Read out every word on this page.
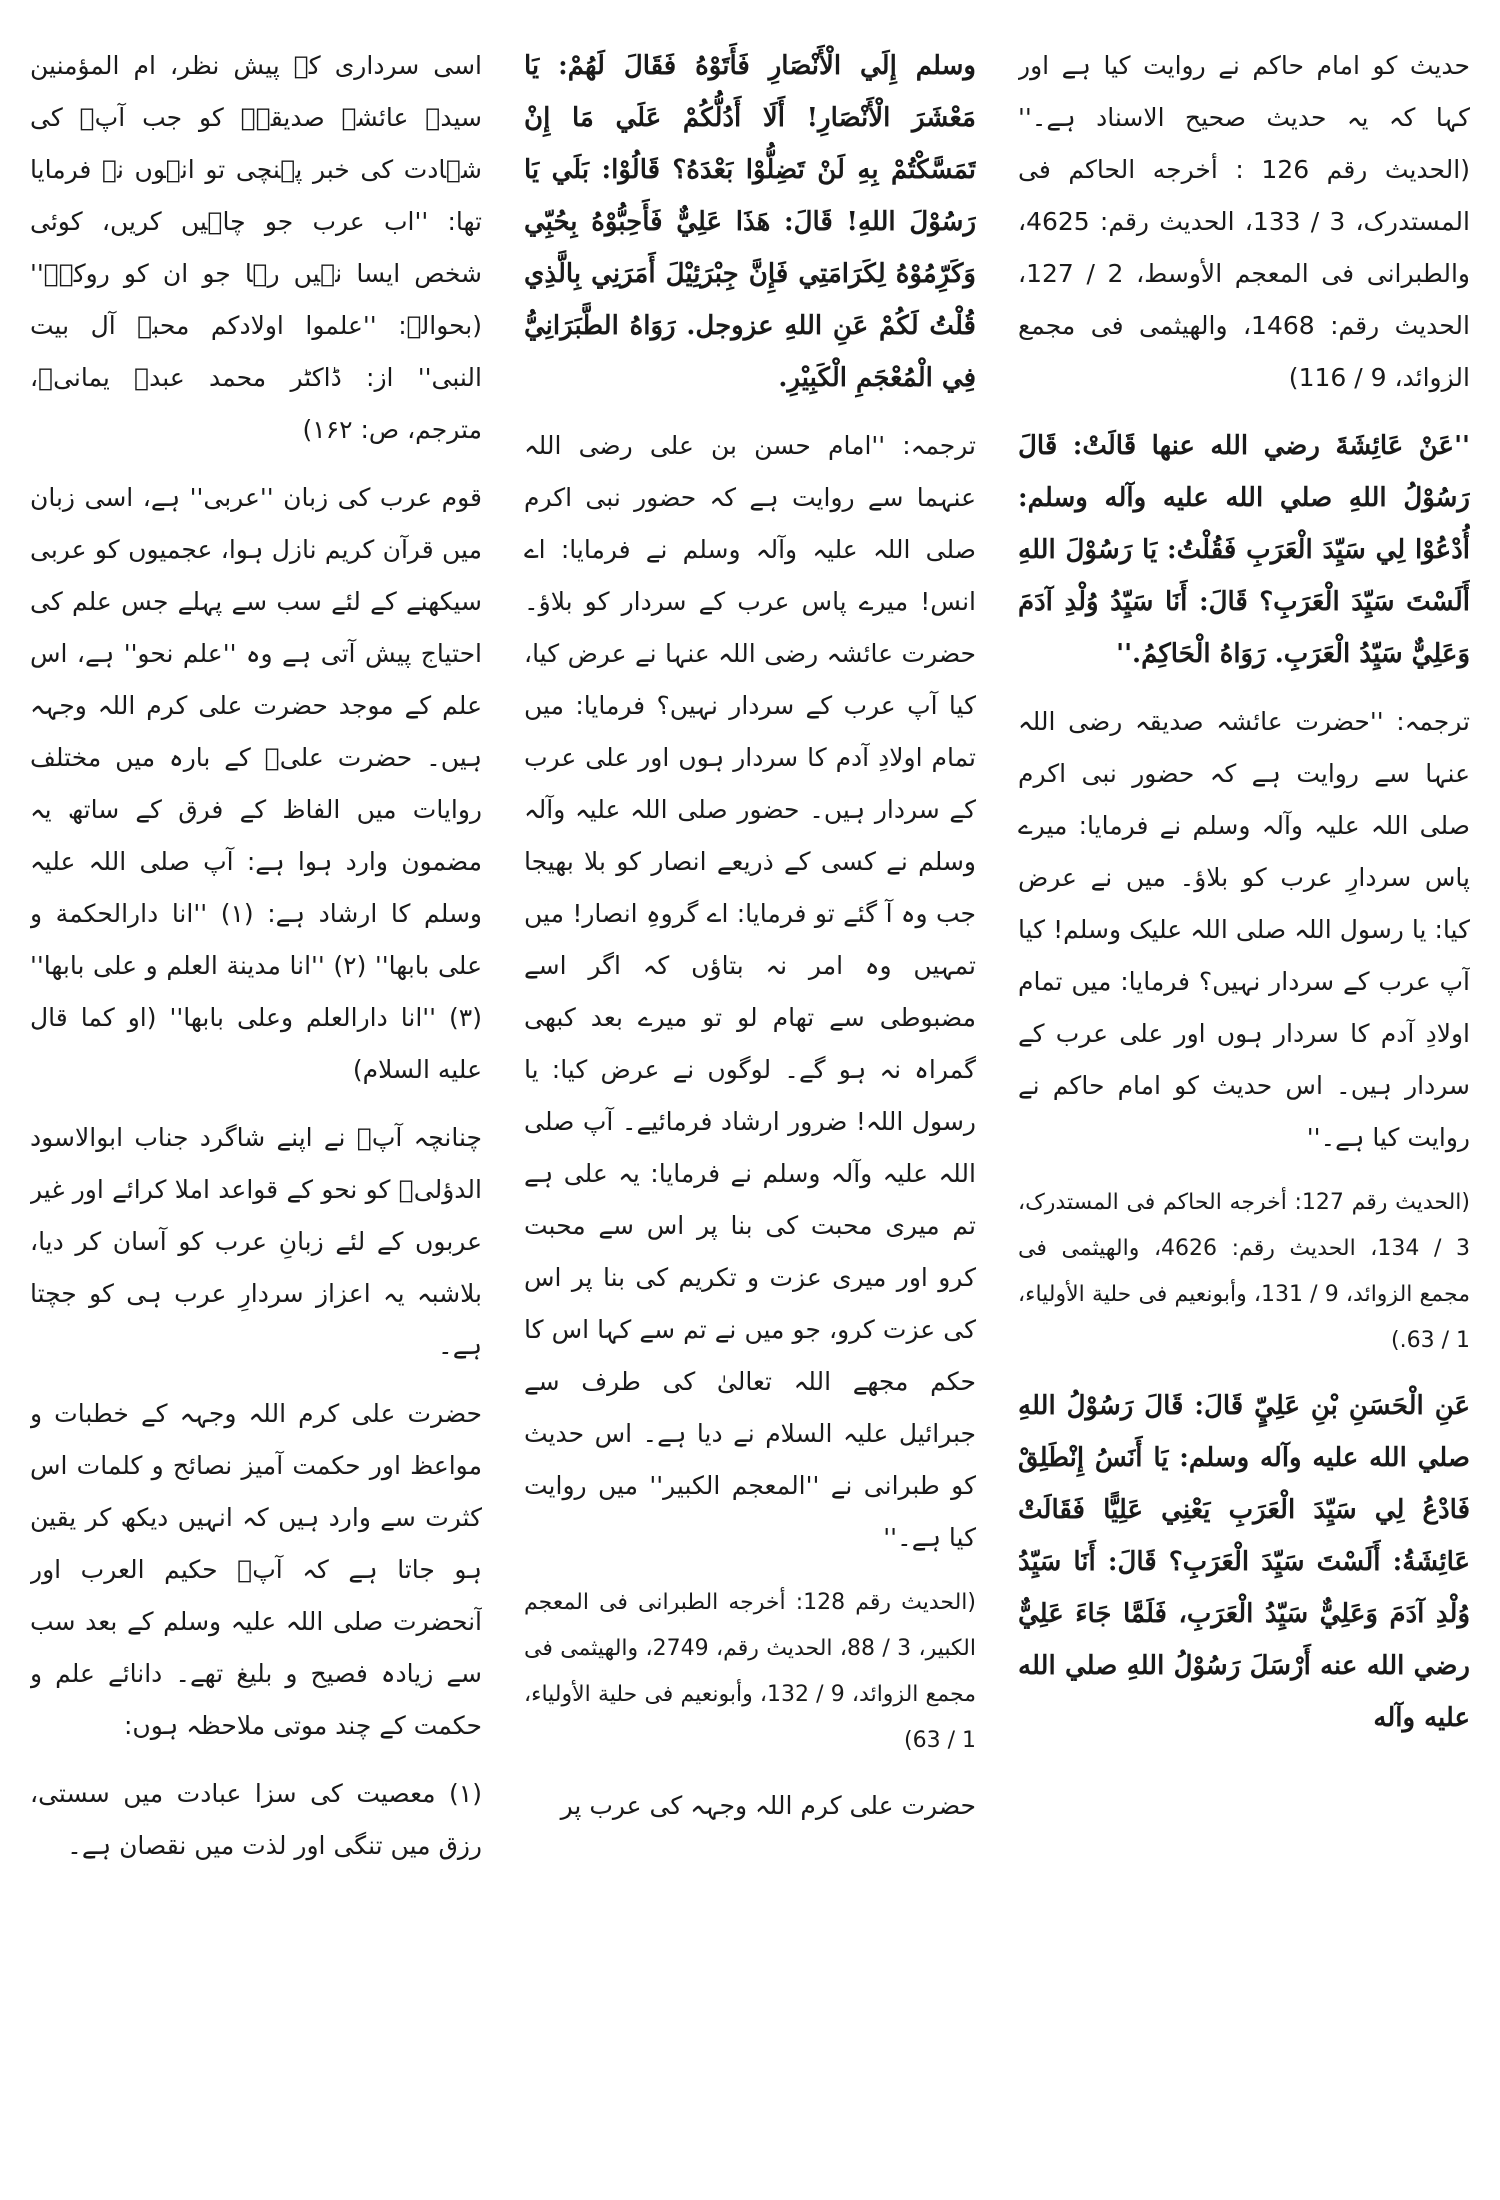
حدیث کو امام حاکم نے روایت کیا ہے اور کہا کہ یہ حدیث صحیح الاسناد ہے۔'' (الحدیث رقم 126 : أخرجه الحاكم فی المستدرک، 3 / 133، الحدیث رقم: 4625، والطبرانی فی المعجم الأوسط، 2 / 127، الحدیث رقم: 1468، والهيثمی فی مجمع الزوائد، 9 / 116)

''عَنْ عَائِشَةَ رضي الله عنها قَالَتْ: قَالَ رَسُوْلُ اللهِ صلي الله عليه وآله وسلم: أُدْعُوْا لِي سَيِّدَ الْعَرَبِ فَقُلْتُ: يَا رَسُوْلَ اللهِ أَلَسْتَ سَيِّدَ الْعَرَبِ؟ قَالَ: أَنَا سَيِّدُ وُلْدِ آدَمَ وَعَلِيٌّ سَيِّدُ الْعَرَبِ. رَوَاهُ الْحَاكِمُ.''

ترجمہ: ''حضرت عائشہ صدیقہ رضی اللہ عنہا سے روایت ہے کہ حضور نبی اکرم صلی اللہ علیہ وآلہ وسلم نے فرمایا: میرے پاس سردارِ عرب کو بلاؤ۔ میں نے عرض کیا: یا رسول اللہ صلی اللہ علیک وسلم! کیا آپ عرب کے سردار نہیں؟ فرمایا: میں تمام اولادِ آدم کا سردار ہوں اور علی عرب کے سردار ہیں۔ اس حدیث کو امام حاکم نے روایت کیا ہے۔''

(الحدیث رقم 127: أخرجه الحاكم فی المستدرک، 3 / 134، الحدیث رقم: 4626، والهيثمی فی مجمع الزوائد، 9 / 131، وأبونعيم فی حلية الأولياء، 1 / 63.)

عَنِ الْحَسَنِ بْنِ عَلِيٍّ قَالَ: قَالَ رَسُوْلُ اللهِ صلي الله عليه وآله وسلم: يَا أَنَسُ إِنْطَلِقْ فَادْعُ لِي سَيِّدَ الْعَرَبِ يَعْنِي عَلِيًّا فَقَالَتْ عَائِشَةُ: أَلَسْتَ سَيِّدَ الْعَرَبِ؟ قَالَ: أَنَا سَيِّدُ وُلْدِ آدَمَ وَعَلِيٌّ سَيِّدُ الْعَرَبِ، فَلَمَّا جَاءَ عَلِيٌّ رضي الله عنه أَرْسَلَ رَسُوْلُ اللهِ صلي الله عليه وآله

وسلم إِلَي الْأَنْصَارِ فَأَتَوْهُ فَقَالَ لَهُمْ: يَا مَعْشَرَ الْأَنْصَارِ! أَلَا أَدُلُّكُمْ عَلَي مَا إِنْ تَمَسَّكْتُمْ بِهِ لَنْ تَضِلُّوْا بَعْدَهُ؟ قَالُوْا: بَلَي يَا رَسُوْلَ اللهِ! قَالَ: هَذَا عَلِيٌّ فَأَحِبُّوْهُ بِحُبِّي وَكَرِّمُوْهُ لِكَرَامَتِي فَإِنَّ جِبْرَئِيْلَ أَمَرَنِي بِالَّذِي قُلْتُ لَكُمْ عَنِ اللهِ عزوجل. رَوَاهُ الطَّبَرَانِيُّ فِي الْمُعْجَمِ الْكَبِيْرِ.

ترجمہ: ''امام حسن بن علی رضی اللہ عنہما سے روایت ہے کہ حضور نبی اکرم صلی اللہ علیہ وآلہ وسلم نے فرمایا: اے انس! میرے پاس عرب کے سردار کو بلاؤ۔ حضرت عائشہ رضی اللہ عنہا نے عرض کیا، کیا آپ عرب کے سردار نہیں؟ فرمایا: میں تمام اولادِ آدم کا سردار ہوں اور علی عرب کے سردار ہیں۔ حضور صلی اللہ علیہ وآلہ وسلم نے کسی کے ذریعے انصار کو بلا بھیجا جب وہ آ گئے تو فرمایا: اے گروہِ انصار! میں تمہیں وہ امر نہ بتاؤں کہ اگر اسے مضبوطی سے تھام لو تو میرے بعد کبھی گمراہ نہ ہو گے۔ لوگوں نے عرض کیا: یا رسول اللہ! ضرور ارشاد فرمائیے۔ آپ صلی اللہ علیہ وآلہ وسلم نے فرمایا: یہ علی ہے تم میری محبت کی بنا پر اس سے محبت کرو اور میری عزت و تکریم کی بنا پر اس کی عزت کرو، جو میں نے تم سے کہا اس کا حکم مجھے اللہ تعالیٰ کی طرف سے جبرائیل علیہ السلام نے دیا ہے۔ اس حدیث کو طبرانی نے ''المعجم الکبیر'' میں روایت کیا ہے۔''

(الحدیث رقم 128: أخرجه الطبرانی فی المعجم الكبير، 3 / 88، الحدیث رقم، 2749، والهيثمی فی مجمع الزوائد، 9 / 132، وأبونعيم فی حلية الأولياء، 1 / 63)

حضرت علی کرم اللہ وجہہ کی عرب پر

اسی سرداری کے پیش نظر، ام المؤمنین سیدہ عائشہ صدیقہؓ کو جب آپؓ کی شہادت کی خبر پہنچی تو انہوں نے فرمایا تھا: ''اب عرب جو چاہیں کریں، کوئی شخص ایسا نہیں رہا جو ان کو روکے۔'' (بحوالہ: ''علموا اولادکم محبۃ آل بیت النبی'' از: ڈاکٹر محمد عبدہ یمانیؒ، مترجم، ص: ۱۶۲)

قوم عرب کی زبان ''عربی'' ہے، اسی زبان میں قرآن کریم نازل ہوا، عجمیوں کو عربی سیکھنے کے لئے سب سے پہلے جس علم کی احتیاج پیش آتی ہے وہ ''علم نحو'' ہے، اس علم کے موجد حضرت علی کرم اللہ وجہہ ہیں۔ حضرت علیؓ کے بارہ میں مختلف روایات میں الفاظ کے فرق کے ساتھ یہ مضمون وارد ہوا ہے: آپ صلی اللہ علیہ وسلم کا ارشاد ہے: (۱) ''انا دارالحکمة و علی بابھا'' (۲) ''انا مدینة العلم و علی بابھا'' (۳) ''انا دارالعلم وعلی بابھا'' (او کما قال علیه السلام)

چنانچہ آپؓ نے اپنے شاگرد جناب ابوالاسود الدؤلیؒ کو نحو کے قواعد املا کرائے اور غیر عربوں کے لئے زبانِ عرب کو آسان کر دیا، بلاشبہ یہ اعزاز سردارِ عرب ہی کو جچتا ہے۔

حضرت علی کرم اللہ وجہہ کے خطبات و مواعظ اور حکمت آمیز نصائح و کلمات اس کثرت سے وارد ہیں کہ انہیں دیکھ کر یقین ہو جاتا ہے کہ آپؓ حکیم العرب اور آنحضرت صلی اللہ علیہ وسلم کے بعد سب سے زیادہ فصیح و بلیغ تھے۔ دانائے علم و حکمت کے چند موتی ملاحظہ ہوں:

(۱) معصیت کی سزا عبادت میں سستی، رزق میں تنگی اور لذت میں نقصان ہے۔
